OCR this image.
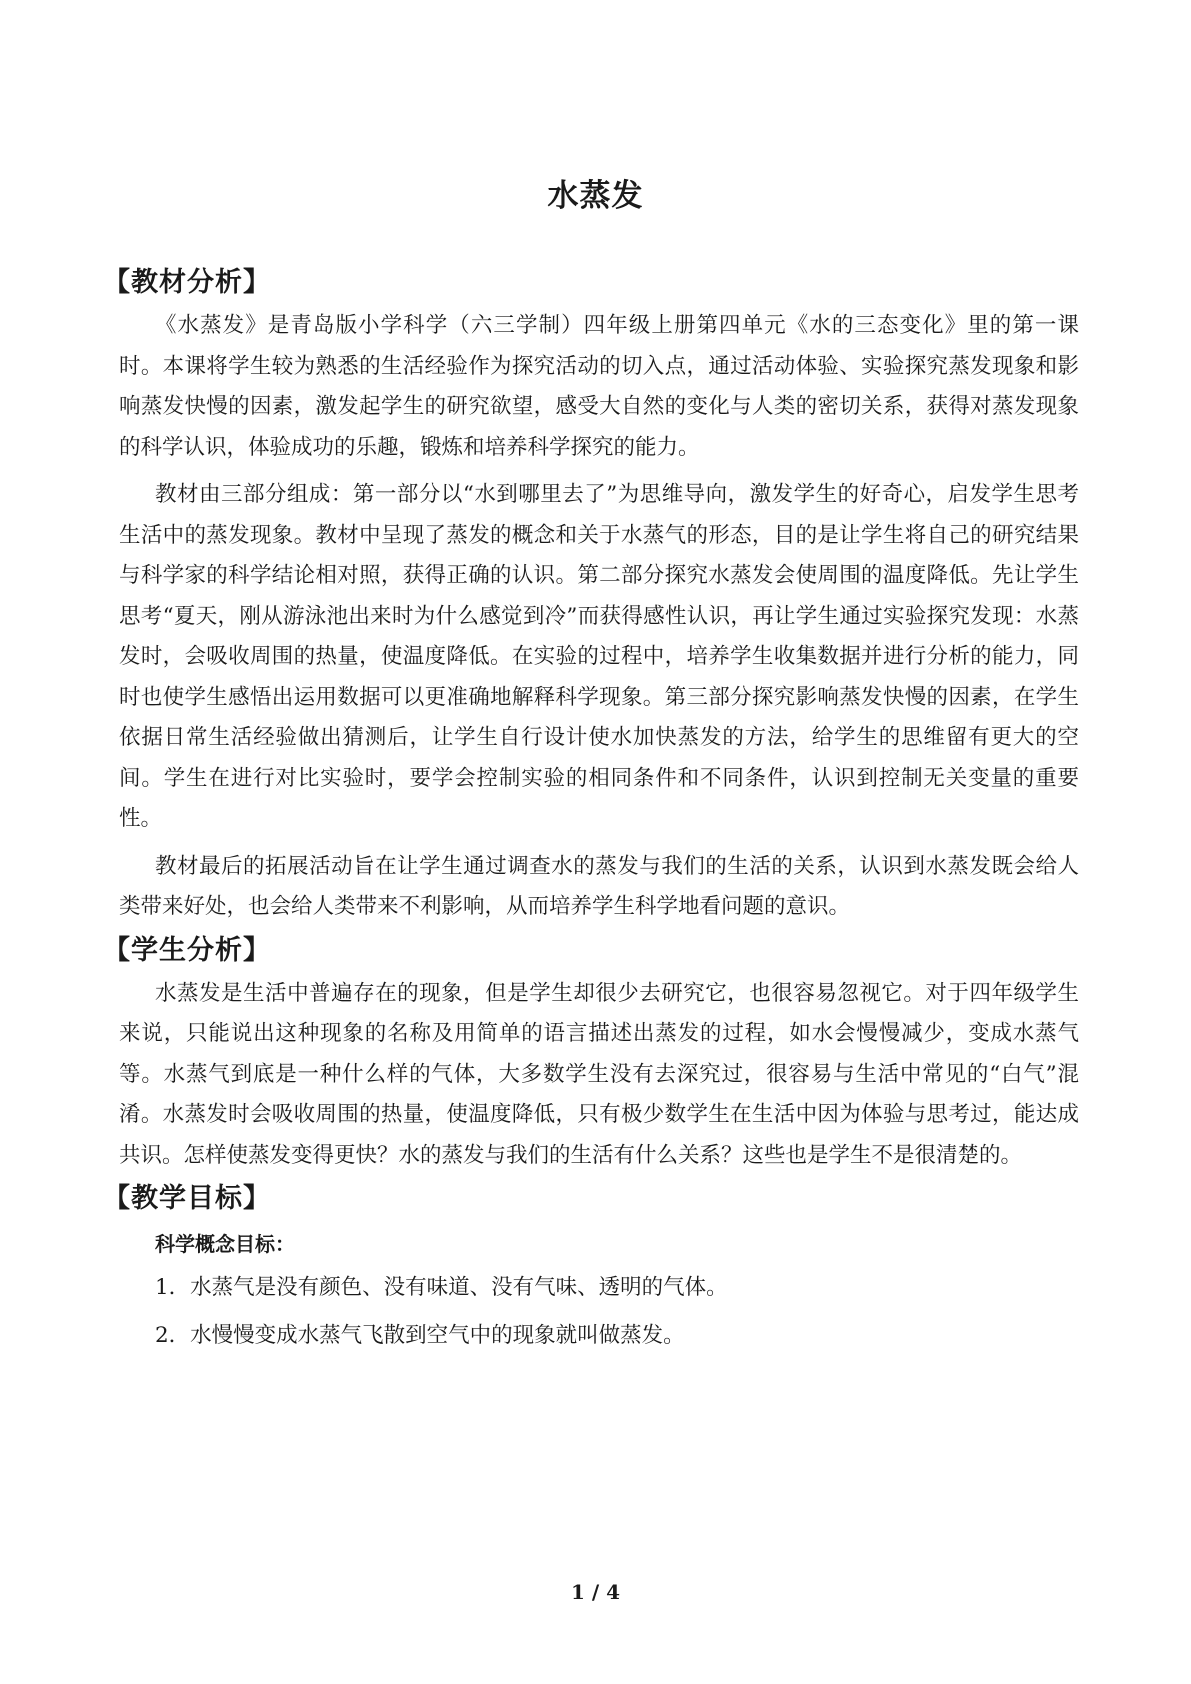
水蒸发
【教材分析】

《水蒸发》是青岛版小学科学（六三学制）四年级上册第四单元《水的三态变化》里的第一课时。本课将学生较为熟悉的生活经验作为探究活动的切入点，通过活动体验、实验探究蒸发现象和影响蒸发快慢的因素，激发起学生的研究欲望，感受大自然的变化与人类的密切关系，获得对蒸发现象的科学认识，体验成功的乐趣，锻炼和培养科学探究的能力。

教材由三部分组成：第一部分以“水到哪里去了”为思维导向，激发学生的好奇心，启发学生思考生活中的蒸发现象。教材中呈现了蒸发的概念和关于水蒸气的形态，目的是让学生将自己的研究结果与科学家的科学结论相对照，获得正确的认识。第二部分探究水蒸发会使周围的温度降低。先让学生思考“夏天，刚从游泳池出来时为什么感觉到冷”而获得感性认识，再让学生通过实验探究发现：水蒸发时，会吸收周围的热量，使温度降低。在实验的过程中，培养学生收集数据并进行分析的能力，同时也使学生感悟出运用数据可以更准确地解释科学现象。第三部分探究影响蒸发快慢的因素，在学生依据日常生活经验做出猜测后，让学生自行设计使水加快蒸发的方法，给学生的思维留有更大的空间。学生在进行对比实验时，要学会控制实验的相同条件和不同条件，认识到控制无关变量的重要性。

教材最后的拓展活动旨在让学生通过调查水的蒸发与我们的生活的关系，认识到水蒸发既会给人类带来好处，也会给人类带来不利影响，从而培养学生科学地看问题的意识。

【学生分析】

水蒸发是生活中普遍存在的现象，但是学生却很少去研究它，也很容易忽视它。对于四年级学生来说，只能说出这种现象的名称及用简单的语言描述出蒸发的过程，如水会慢慢减少，变成水蒸气等。水蒸气到底是一种什么样的气体，大多数学生没有去深究过，很容易与生活中常见的“白气”混淆。水蒸发时会吸收周围的热量，使温度降低，只有极少数学生在生活中因为体验与思考过，能达成共识。怎样使蒸发变得更快？水的蒸发与我们的生活有什么关系？这些也是学生不是很清楚的。

【教学目标】
科学概念目标：
1．水蒸气是没有颜色、没有味道、没有气味、透明的气体。
2．水慢慢变成水蒸气飞散到空气中的现象就叫做蒸发。
1 / 4
